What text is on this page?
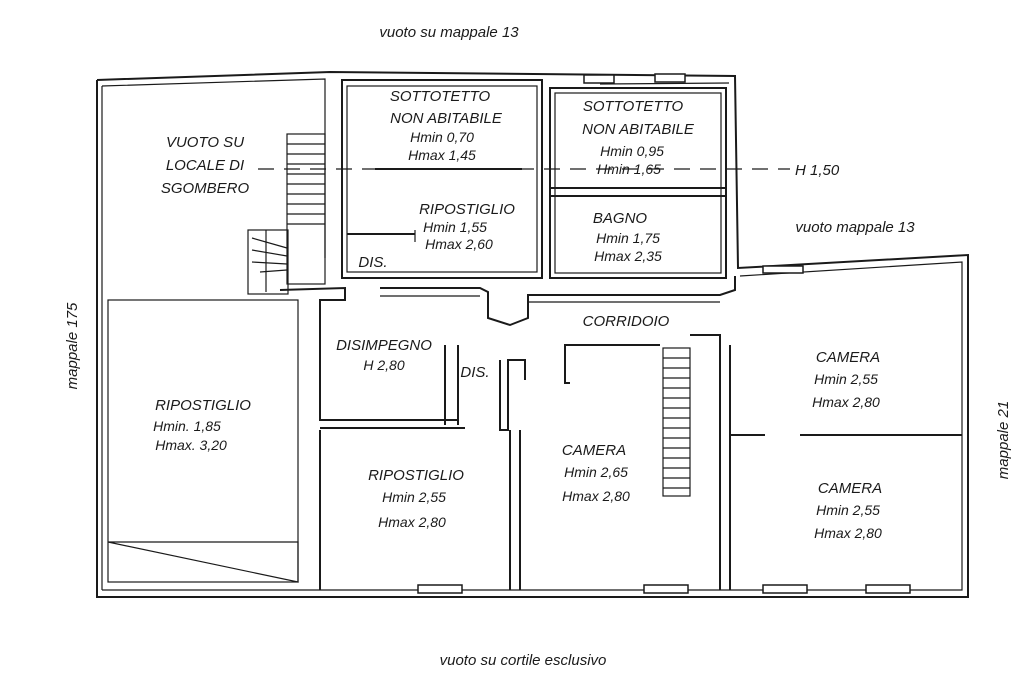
vuoto su mappale 13
vuoto su cortile esclusivo
mappale 175
mappale 21
vuoto mappale 13
H 1,50
VUOTO SU
LOCALE DI
SGOMBERO
SOTTOTETTO
NON ABITABILE
Hmin 0,70
Hmax 1,45
SOTTOTETTO
NON ABITABILE
Hmin 0,95
Hmin 1,65
RIPOSTIGLIO
Hmin 1,55
Hmax 2,60
BAGNO
Hmin 1,75
Hmax 2,35
DIS.
CORRIDOIO
DISIMPEGNO
H 2,80	DIS.
RIPOSTIGLIO
Hmin. 1,85
Hmax. 3,20
RIPOSTIGLIO
Hmin 2,55
Hmax 2,80
CAMERA
Hmin 2,65
Hmax 2,80
CAMERA
Hmin 2,55
Hmax 2,80
CAMERA
Hmin 2,55
Hmax 2,80
